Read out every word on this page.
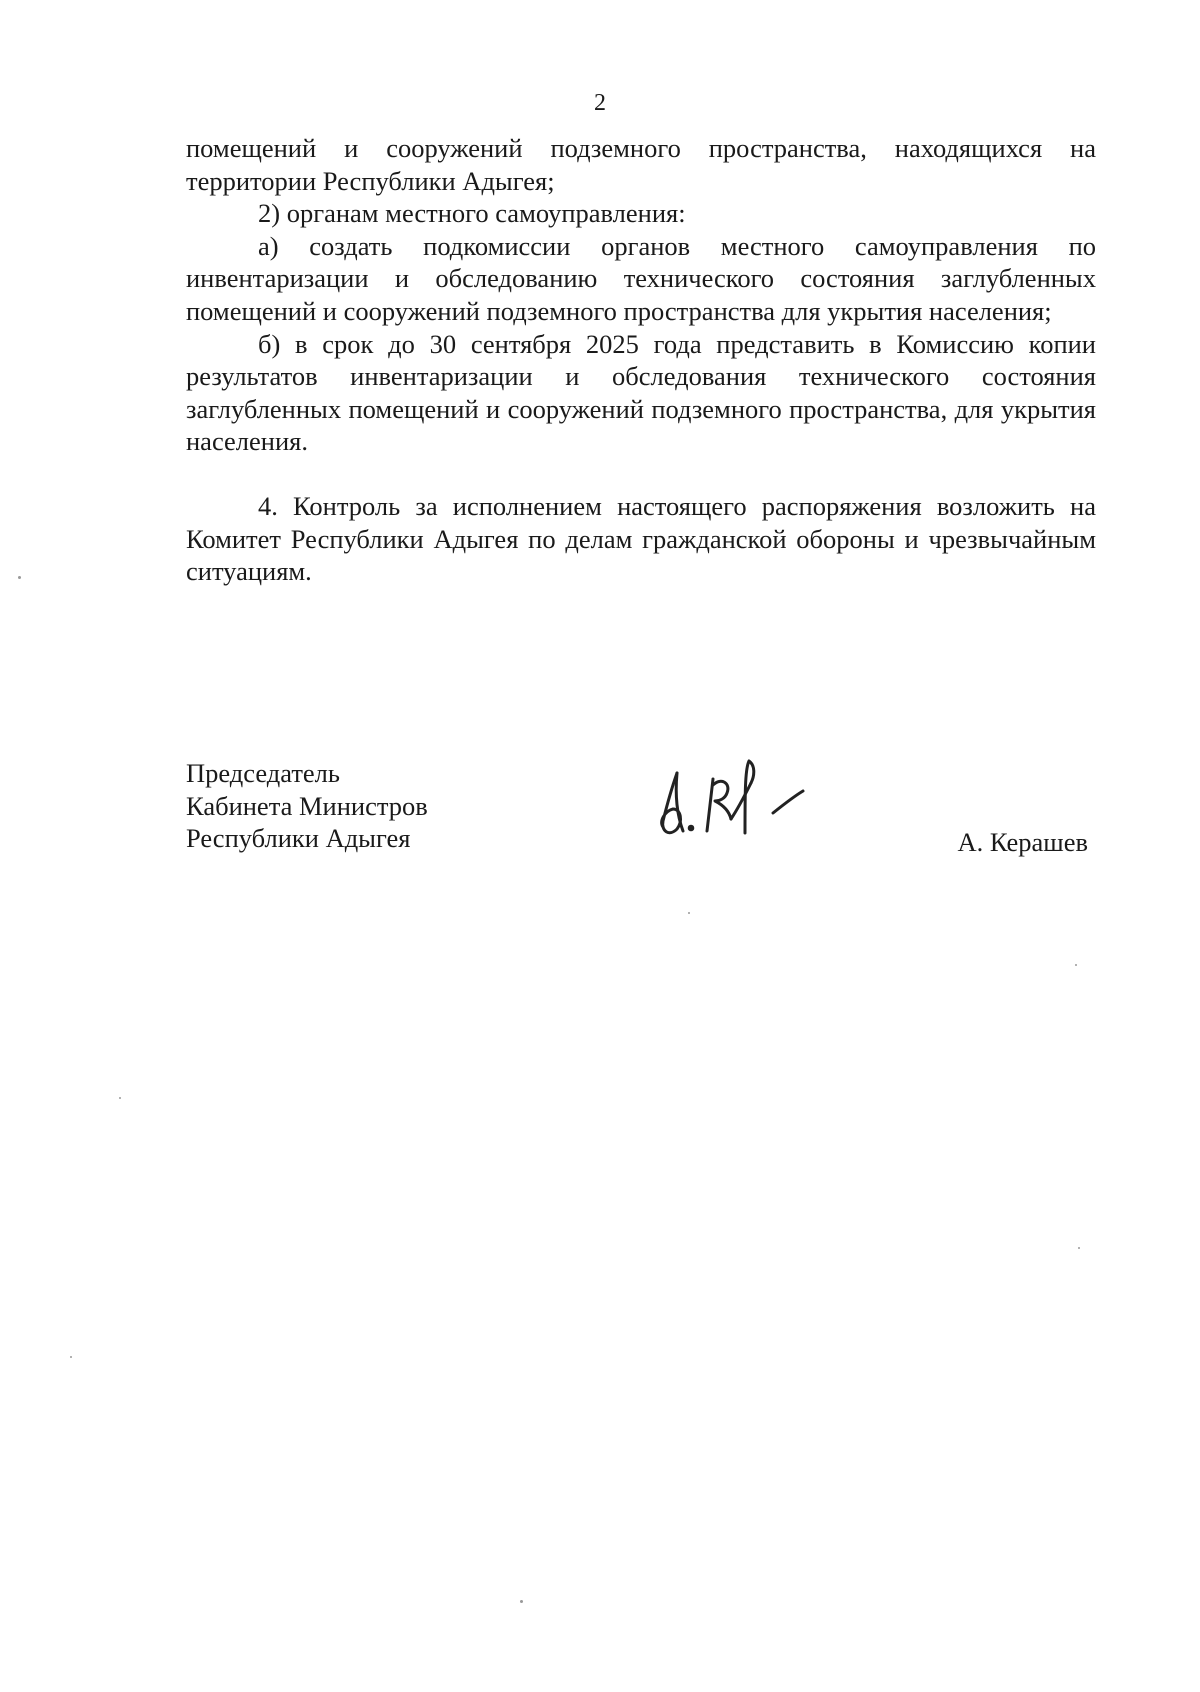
2

помещений и сооружений подземного пространства, находящихся на территории Республики Адыгея;

2) органам местного самоуправления:

а) создать подкомиссии органов местного самоуправления по инвентаризации и обследованию технического состояния заглубленных помещений и сооружений подземного пространства для укрытия населения;

б) в срок до 30 сентября 2025 года представить в Комиссию копии результатов инвентаризации и обследования технического состояния заглубленных помещений и сооружений подземного пространства, для укрытия населения.

4. Контроль за исполнением настоящего распоряжения возложить на Комитет Республики Адыгея по делам гражданской обороны и чрезвычайным ситуациям.

Председатель
Кабинета Министров
Республики Адыгея	А. Керашев
